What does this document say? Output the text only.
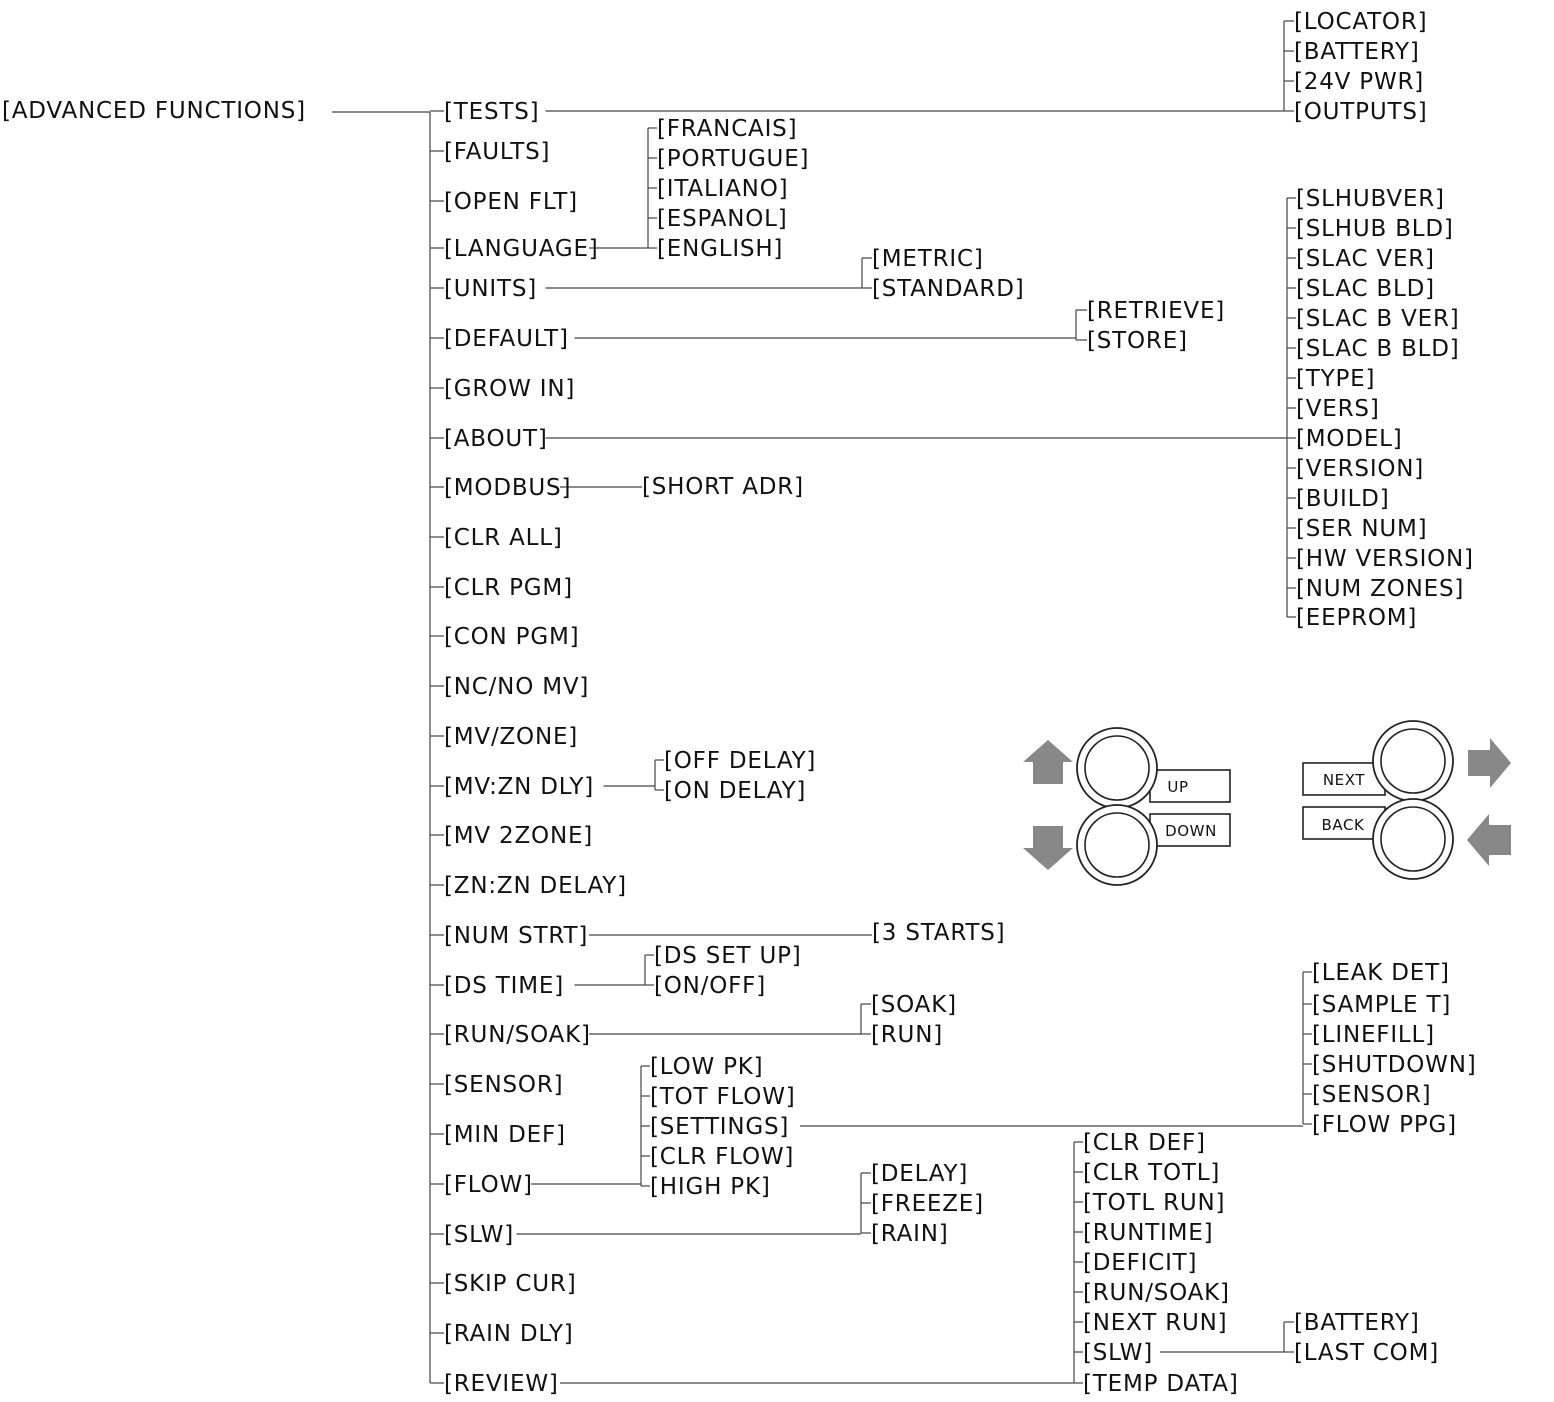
[ADVANCED FUNCTIONS]	[TESTS]
[LOCATOR]
[BATTERY]
[24V PWR]
[OUTPUTS]
[FAULTS]
[OPEN FLT]
[LANGUAGE]
[FRANCAIS]
[PORTUGUE]
[ITALIANO]
[ESPANOL]
[ENGLISH]
[UNITS]
[METRIC]
[STANDARD]
[DEFAULT]
[RETRIEVE]
[STORE]
[GROW IN]
[ABOUT]
[SLHUBVER]
[SLHUB BLD]
[SLAC VER]
[SLAC BLD]
[SLAC B VER]
[SLAC B BLD]
[TYPE]
[VERS]
[MODEL]
[VERSION]
[BUILD]
[SER NUM]
[HW VERSION]
[NUM ZONES]
[EEPROM]
[MODBUS]	[SHORT ADR]
[CLR ALL]
[CLR PGM]
[CON PGM]
[NC/NO MV]
[MV/ZONE]
[MV:ZN DLY]
[OFF DELAY]
[ON DELAY]
[MV 2ZONE]
[ZN:ZN DELAY]
[NUM STRT]	[3 STARTS]
[DS TIME]
[DS SET UP]
[ON/OFF]
[RUN/SOAK]
[SOAK]
[RUN]
[SENSOR]
[MIN DEF]
[FLOW]
[LOW PK]
[TOT FLOW]
[SETTINGS]
[CLR FLOW]
[HIGH PK]
[SLW]
[DELAY]
[FREEZE]
[RAIN]
[SKIP CUR]
[RAIN DLY]
[REVIEW]
[CLR DEF]
[CLR TOTL]
[TOTL RUN]
[RUNTIME]
[DEFICIT]
[RUN/SOAK]
[NEXT RUN]
[SLW]
[TEMP DATA]
[LEAK DET]
[SAMPLE T]
[LINEFILL]
[SHUTDOWN]
[SENSOR]
[FLOW PPG]
[BATTERY]
[LAST COM]
UP
DOWN
NEXT
BACK
